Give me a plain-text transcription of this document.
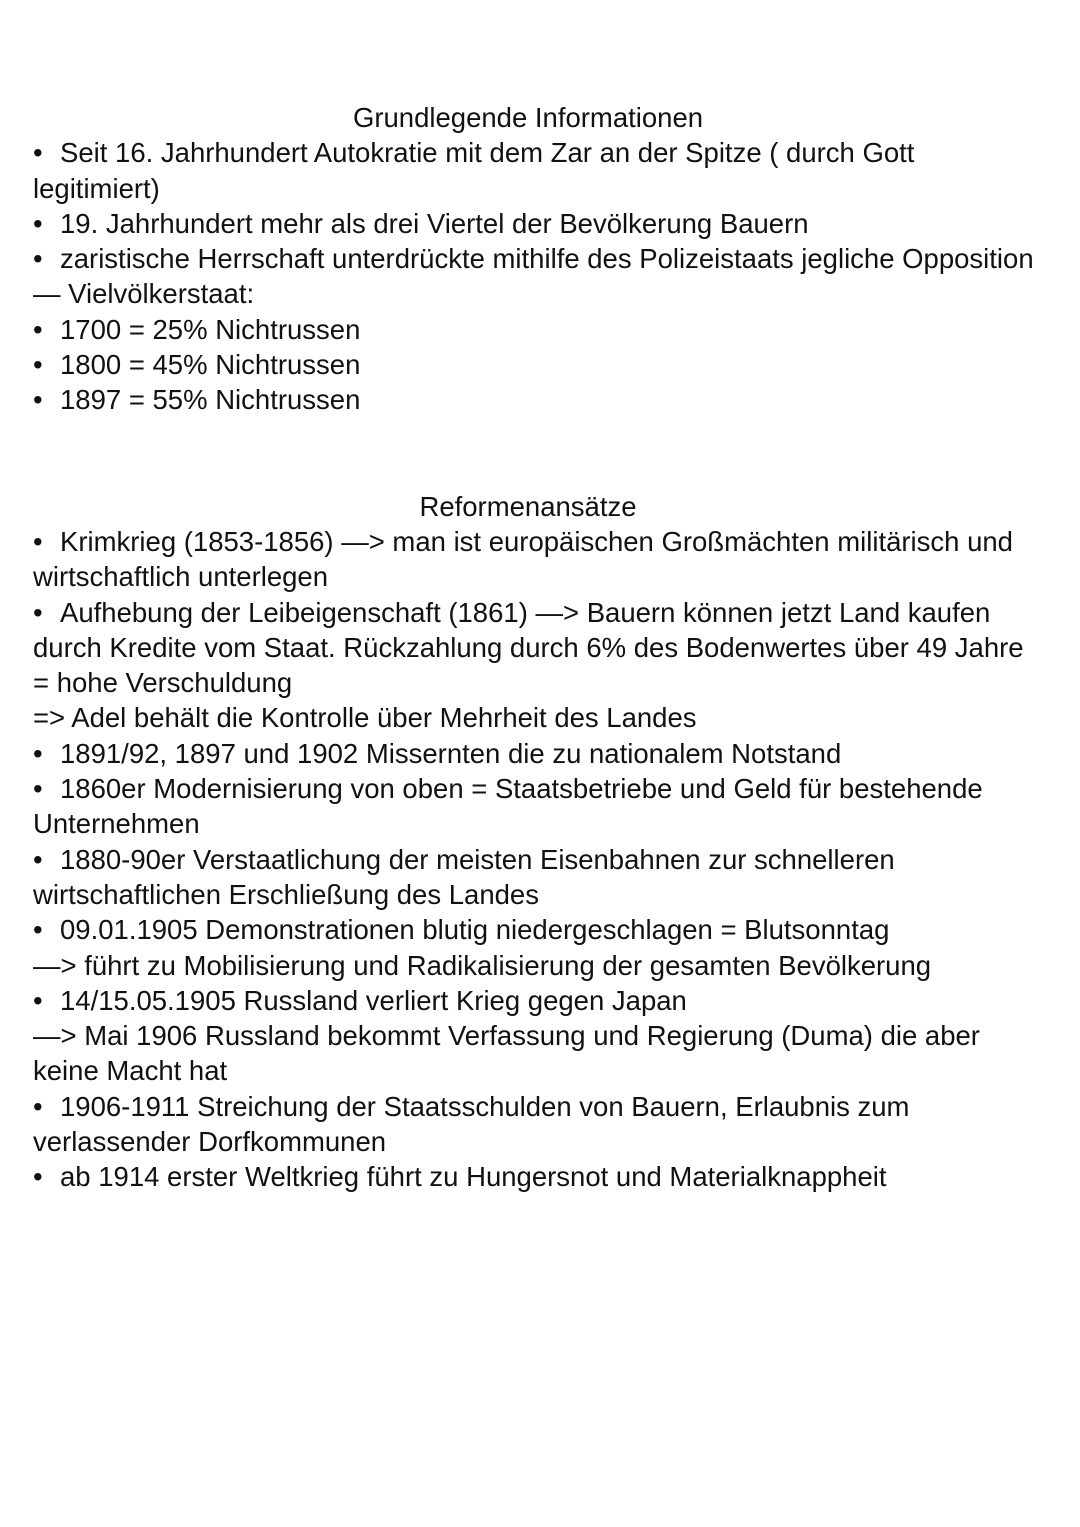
Grundlegende Informationen

• Seit 16. Jahrhundert Autokratie mit dem Zar an der Spitze ( durch Gott legitimiert)

• 19. Jahrhundert mehr als drei Viertel der Bevölkerung Bauern

• zaristische Herrschaft unterdrückte mithilfe des Polizeistaats jegliche Opposition

— Vielvölkerstaat:

• 1700 = 25% Nichtrussen

• 1800 = 45% Nichtrussen

• 1897 = 55% Nichtrussen

Reformenansätze

• Krimkrieg (1853-1856) —> man ist europäischen Großmächten militärisch und wirtschaftlich unterlegen

• Aufhebung der Leibeigenschaft (1861) —> Bauern können jetzt Land kaufen durch Kredite vom Staat. Rückzahlung durch 6% des Bodenwertes über 49 Jahre = hohe Verschuldung

=> Adel behält die Kontrolle über Mehrheit des Landes

• 1891/92, 1897 und 1902 Missernten die zu nationalem Notstand

• 1860er Modernisierung von oben = Staatsbetriebe und Geld für bestehende Unternehmen

• 1880-90er Verstaatlichung der meisten Eisenbahnen zur schnelleren wirtschaftlichen Erschließung des Landes

• 09.01.1905 Demonstrationen blutig niedergeschlagen = Blutsonntag

—> führt zu Mobilisierung und Radikalisierung der gesamten Bevölkerung

• 14/15.05.1905 Russland verliert Krieg gegen Japan

—> Mai 1906 Russland bekommt Verfassung und Regierung (Duma) die aber keine Macht hat

• 1906-1911 Streichung der Staatsschulden von Bauern, Erlaubnis zum verlassender Dorfkommunen

• ab 1914 erster Weltkrieg führt zu Hungersnot und Materialknappheit
